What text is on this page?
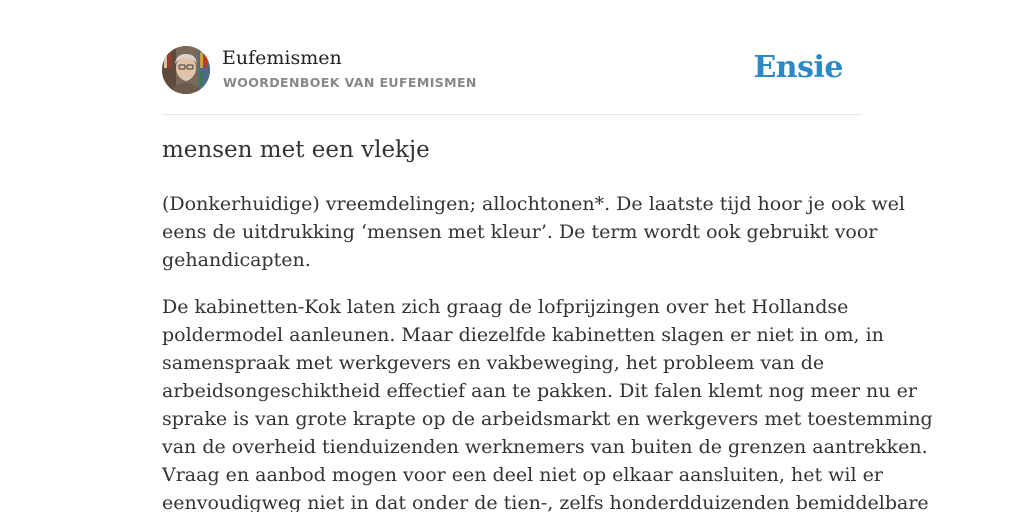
Eufemismen
WOORDENBOEK VAN EUFEMISMEN	Ensie
mensen met een vlekje

(Donkerhuidige) vreemdelingen; allochtonen*. De laatste tijd hoor je ook wel
eens de uitdrukking ‘mensen met kleur’. De term wordt ook gebruikt voor
gehandicapten.

De kabinetten-Kok laten zich graag de lofprijzingen over het Hollandse
poldermodel aanleunen. Maar diezelfde kabinetten slagen er niet in om, in
samenspraak met werkgevers en vakbeweging, het probleem van de
arbeidsongeschiktheid effectief aan te pakken. Dit falen klemt nog meer nu er
sprake is van grote krapte op de arbeidsmarkt en werkgevers met toestemming
van de overheid tienduizenden werknemers van buiten de grenzen aantrekken.
Vraag en aanbod mogen voor een deel niet op elkaar aansluiten, het wil er
eenvoudigweg niet in dat onder de tien-, zelfs honderdduizenden bemiddelbare
